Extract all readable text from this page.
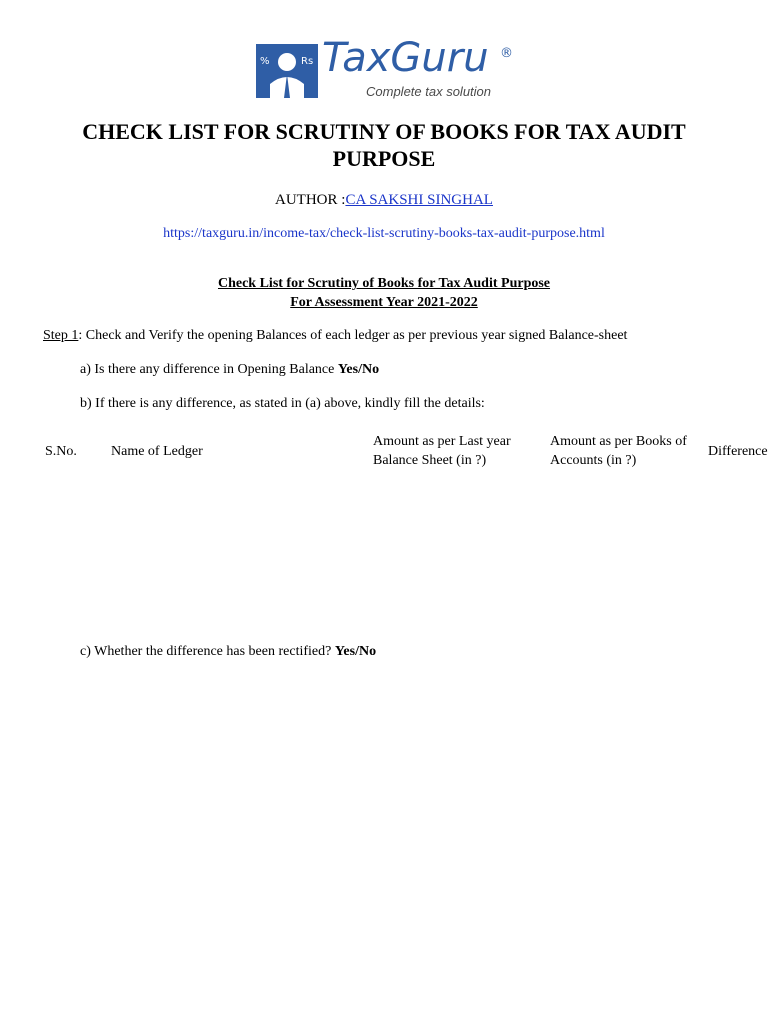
%	Rs TaxGuru ®
Complete tax solution
CHECK LIST FOR SCRUTINY OF BOOKS FOR TAX AUDIT PURPOSE
AUTHOR :CA SAKSHI SINGHAL
https://taxguru.in/income-tax/check-list-scrutiny-books-tax-audit-purpose.html
Check List for Scrutiny of Books for Tax Audit Purpose
For Assessment Year 2021-2022
Step 1: Check and Verify the opening Balances of each ledger as per previous year signed Balance-sheet
a) Is there any difference in Opening Balance Yes/No
b) If there is any difference, as stated in (a) above, kindly fill the details:
S.No. Name of Ledger
Amount as per Last year Balance Sheet (in ?)
Amount as per Books of Accounts (in ?)
Difference
c) Whether the difference has been rectified? Yes/No
